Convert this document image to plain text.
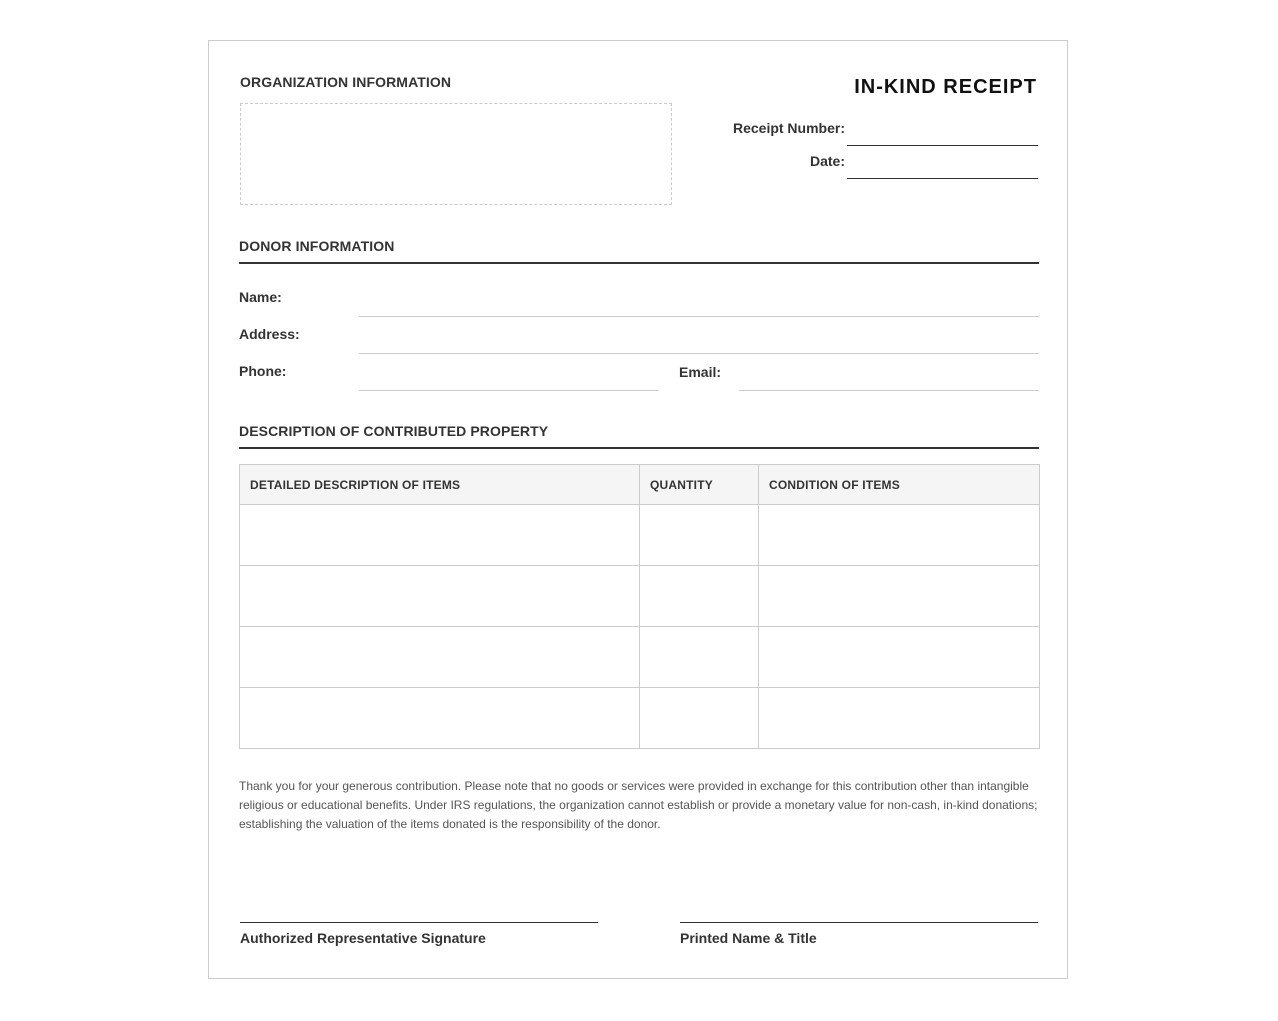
ORGANIZATION INFORMATION	IN-KIND RECEIPT
Receipt Number:
Date:
DONOR INFORMATION
Name:
Address:
Phone:	Email:
DESCRIPTION OF CONTRIBUTED PROPERTY
DETAILED DESCRIPTION OF ITEMS	QUANTITY	CONDITION OF ITEMS

Thank you for your generous contribution. Please note that no goods or services were provided in exchange for this contribution other than intangible religious or educational benefits. Under IRS regulations, the organization cannot establish or provide a monetary value for non-cash, in-kind donations; establishing the valuation of the items donated is the responsibility of the donor.
Authorized Representative Signature	Printed Name & Title
